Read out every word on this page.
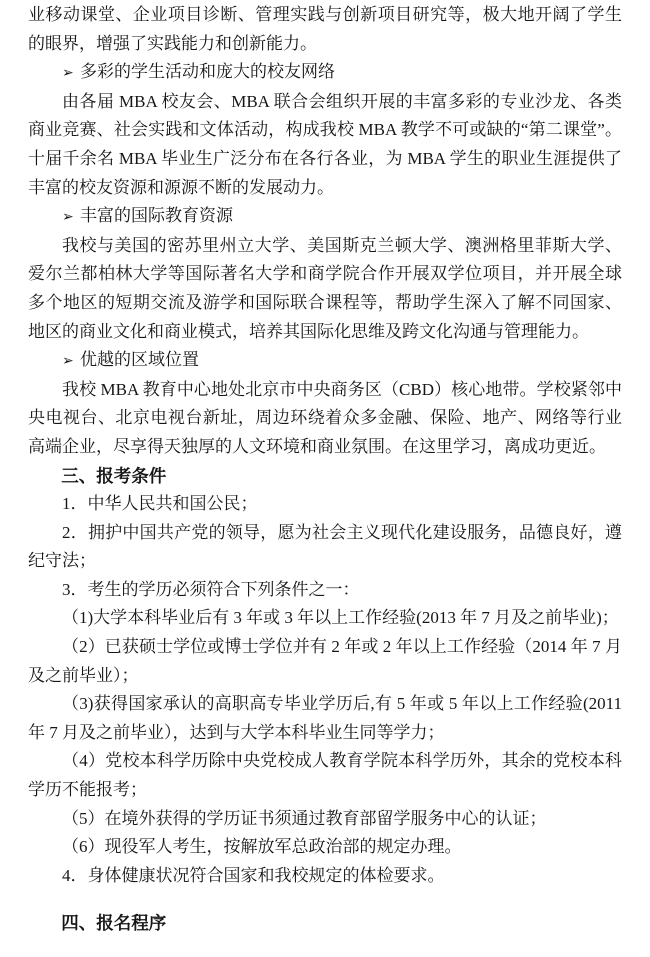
业移动课堂、企业项目诊断、管理实践与创新项目研究等，极大地开阔了学生的眼界，增强了实践能力和创新能力。

➢ 多彩的学生活动和庞大的校友网络

由各届 MBA 校友会、MBA 联合会组织开展的丰富多彩的专业沙龙、各类商业竞赛、社会实践和文体活动，构成我校 MBA 教学不可或缺的“第二课堂”。十届千余名 MBA 毕业生广泛分布在各行各业，为 MBA 学生的职业生涯提供了丰富的校友资源和源源不断的发展动力。

➢ 丰富的国际教育资源

我校与美国的密苏里州立大学、美国斯克兰顿大学、澳洲格里菲斯大学、爱尔兰都柏林大学等国际著名大学和商学院合作开展双学位项目，并开展全球多个地区的短期交流及游学和国际联合课程等，帮助学生深入了解不同国家、地区的商业文化和商业模式，培养其国际化思维及跨文化沟通与管理能力。

➢ 优越的区域位置

我校 MBA 教育中心地处北京市中央商务区（CBD）核心地带。学校紧邻中央电视台、北京电视台新址，周边环绕着众多金融、保险、地产、网络等行业高端企业，尽享得天独厚的人文环境和商业氛围。在这里学习，离成功更近。

三、报考条件

1．中华人民共和国公民；

2．拥护中国共产党的领导，愿为社会主义现代化建设服务，品德良好，遵纪守法；

3．考生的学历必须符合下列条件之一：

（1)大学本科毕业后有 3 年或 3 年以上工作经验(2013 年 7 月及之前毕业)；

（2）已获硕士学位或博士学位并有 2 年或 2 年以上工作经验（2014 年 7 月及之前毕业）；

（3)获得国家承认的高职高专毕业学历后,有 5 年或 5 年以上工作经验(2011 年 7 月及之前毕业），达到与大学本科毕业生同等学力；

（4）党校本科学历除中央党校成人教育学院本科学历外，其余的党校本科学历不能报考；

（5）在境外获得的学历证书须通过教育部留学服务中心的认证；

（6）现役军人考生，按解放军总政治部的规定办理。

4．身体健康状况符合国家和我校规定的体检要求。

四、报名程序
